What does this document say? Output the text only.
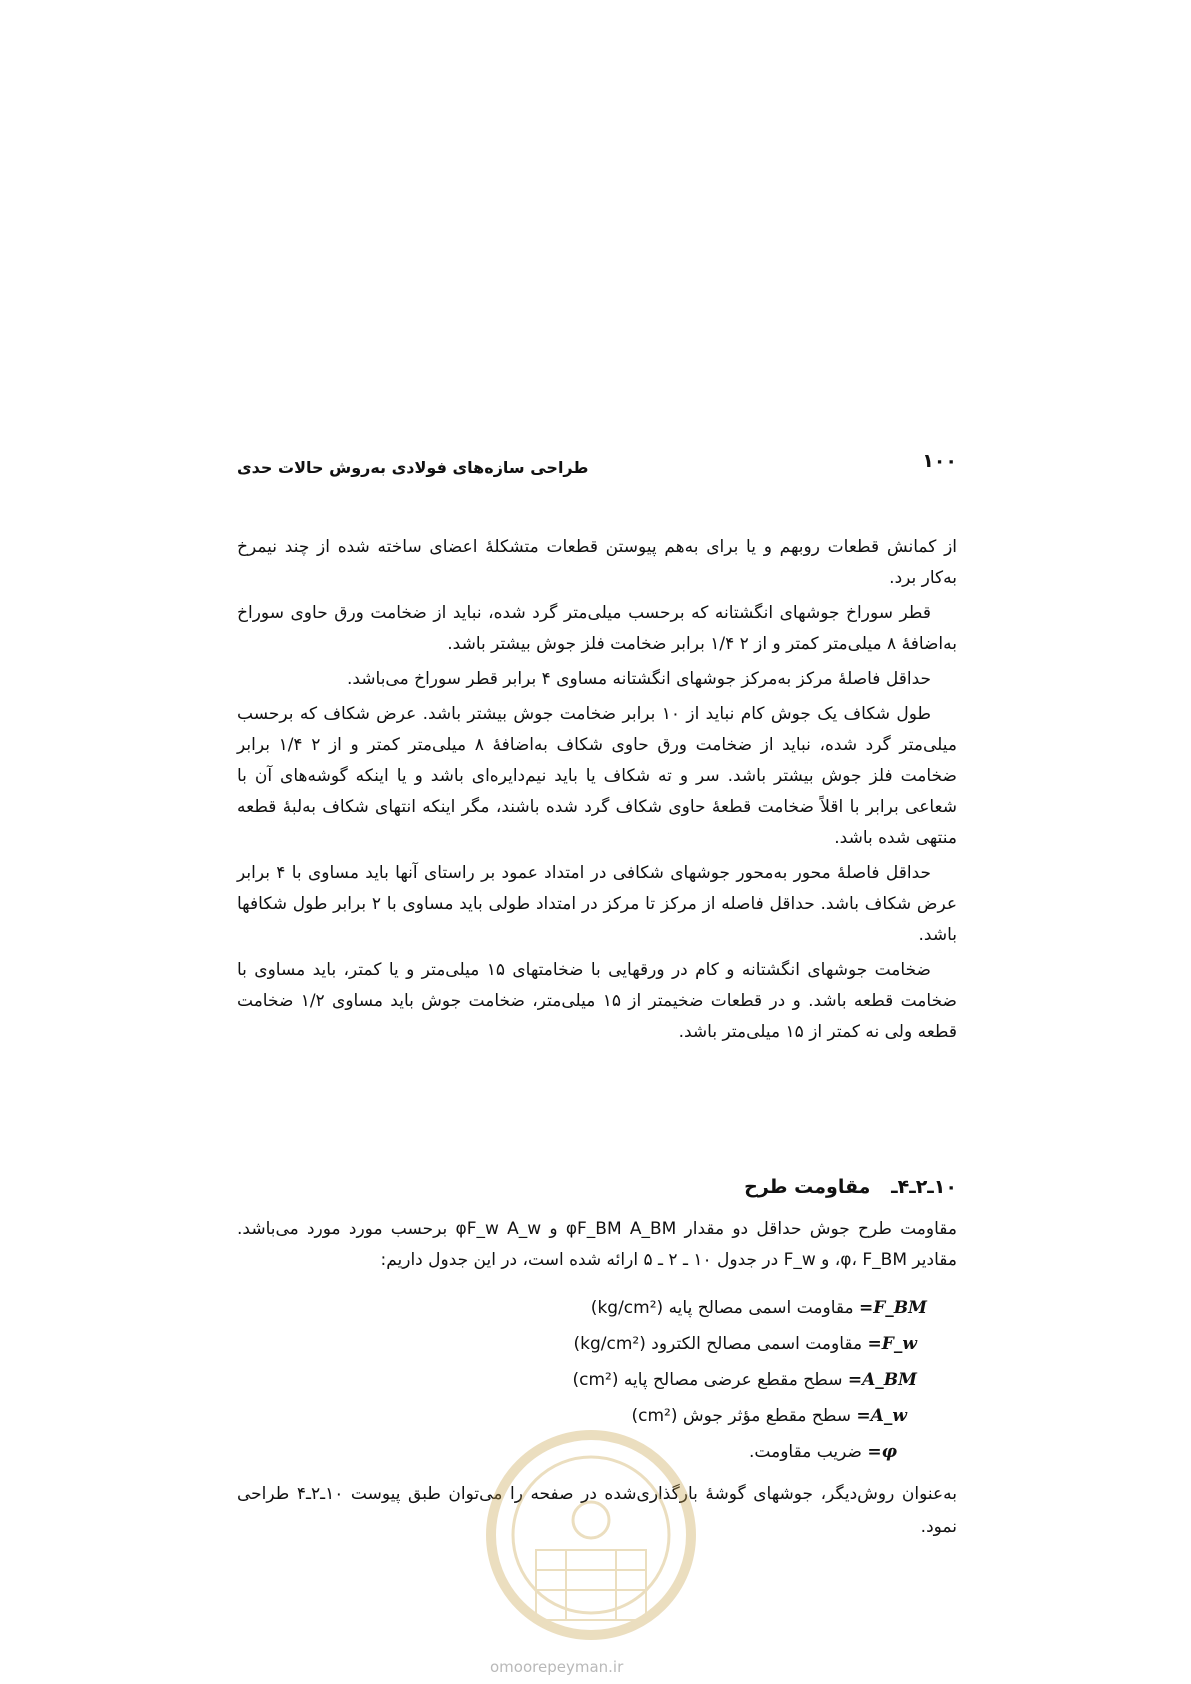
۱۰۰
طراحی سازه‌های فولادی به‌روش حالات حدی

از کمانش قطعات روبهم و یا برای به‌هم پیوستن قطعات متشکلهٔ اعضای ساخته شده از چند نیمرخ به‌کار برد.

قطر سوراخ جوشهای انگشتانه که برحسب میلی‌متر گرد شده، نباید از ضخامت ورق حاوی سوراخ به‌اضافهٔ ۸ میلی‌متر کمتر و از ۲ ۱/۴ برابر ضخامت فلز جوش بیشتر باشد.

حداقل فاصلهٔ مرکز به‌مرکز جوشهای انگشتانه مساوی ۴ برابر قطر سوراخ می‌باشد.

طول شکاف یک جوش کام نباید از ۱۰ برابر ضخامت جوش بیشتر باشد. عرض شکاف که برحسب میلی‌متر گرد شده، نباید از ضخامت ورق حاوی شکاف به‌اضافهٔ ۸ میلی‌متر کمتر و از ۲ ۱/۴ برابر ضخامت فلز جوش بیشتر باشد. سر و ته شکاف یا باید نیم‌دایره‌ای باشد و یا اینکه گوشه‌های آن با شعاعی برابر با اقلاً ضخامت قطعهٔ حاوی شکاف گرد شده باشند، مگر اینکه انتهای شکاف به‌لبهٔ قطعه منتهی شده باشد.

حداقل فاصلهٔ محور به‌محور جوشهای شکافی در امتداد عمود بر راستای آنها باید مساوی با ۴ برابر عرض شکاف باشد. حداقل فاصله از مرکز تا مرکز در امتداد طولی باید مساوی با ۲ برابر طول شکافها باشد.

ضخامت جوشهای انگشتانه و کام در ورقهایی با ضخامتهای ۱۵ میلی‌متر و یا کمتر، باید مساوی با ضخامت قطعه باشد. و در قطعات ضخیمتر از ۱۵ میلی‌متر، ضخامت جوش باید مساوی ۱/۲ ضخامت قطعه ولی نه کمتر از ۱۵ میلی‌متر باشد.

۱۰ـ۲ـ۴ـ مقاومت طرح

مقاومت طرح جوش حداقل دو مقدار φF_BM A_BM و φF_w A_w برحسب مورد مورد می‌باشد. مقادیر φ، F_BM، و F_w در جدول ۱۰ ـ ۲ ـ ۵ ارائه شده است، در این جدول داریم:

F_BM= مقاومت اسمی مصالح پایه (kg/cm²)
F_w= مقاومت اسمی مصالح الکترود (kg/cm²)
A_BM= سطح مقطع عرضی مصالح پایه (cm²)
A_w= سطح مقطع مؤثر جوش (cm²)
φ= ضریب مقاومت.

به‌عنوان روش‌دیگر، جوشهای گوشهٔ بارگذاری‌شده در صفحه را می‌توان طبق پیوست ۱۰ـ۲ـ۴ طراحی نمود.

omoorepeyman.ir
